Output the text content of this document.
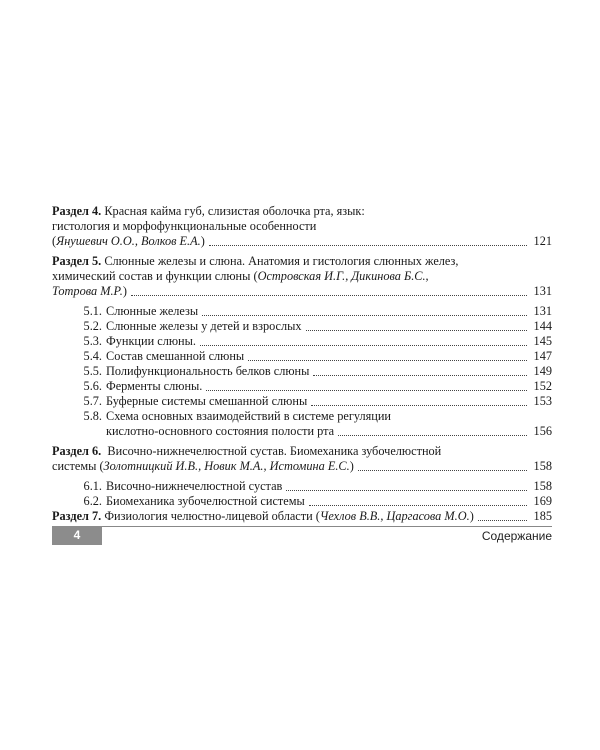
Раздел 4. Красная кайма губ, слизистая оболочка рта, язык:
гистология и морфофункциональные особенности
(Янушевич О.О., Волков Е.А.)	121
Раздел 5. Слюнные железы и слюна. Анатомия и гистология слюнных желез,
химический состав и функции слюны (Островская И.Г., Дикинова Б.С.,
Тотрова М.Р.)	131
5.1. Слюнные железы	131
5.2. Слюнные железы у детей и взрослых	144
5.3. Функции слюны.	145
5.4. Состав смешанной слюны	147
5.5. Полифункциональность белков слюны	149
5.6. Ферменты слюны.	152
5.7. Буферные системы смешанной слюны	153
5.8. Схема основных взаимодействий в системе регуляции
кислотно-основного состояния полости рта	156
Раздел 6. Височно-нижнечелюстной сустав. Биомеханика зубочелюстной
системы (Золотницкий И.В., Новик М.А., Истомина Е.С.)	158
6.1. Височно-нижнечелюстной сустав	158
6.2. Биомеханика зубочелюстной системы	169
Раздел 7. Физиология челюстно-лицевой области (Чехлов В.В., Царгасова М.О.)	185
4	Содержание
